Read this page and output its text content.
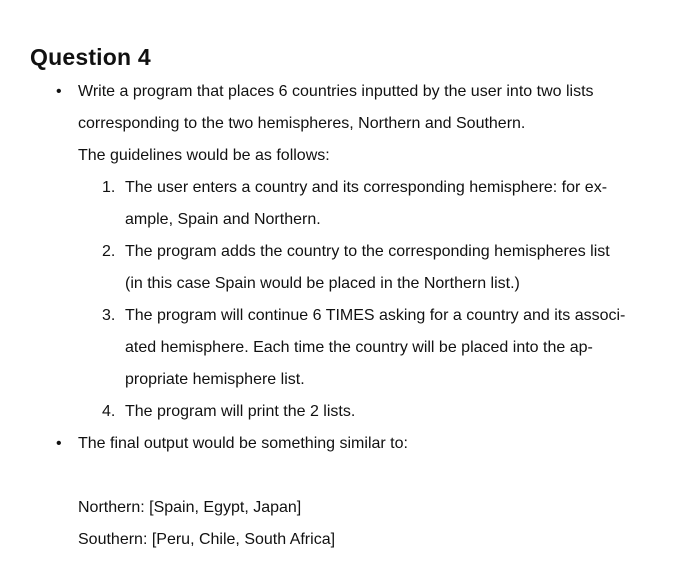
Question 4
• Write a program that places 6 countries inputted by the user into two lists
corresponding to the two hemispheres, Northern and Southern.
The guidelines would be as follows:
1. The user enters a country and its corresponding hemisphere: for ex-
ample, Spain and Northern.
2. The program adds the country to the corresponding hemispheres list
(in this case Spain would be placed in the Northern list.)
3. The program will continue 6 TIMES asking for a country and its associ-
ated hemisphere. Each time the country will be placed into the ap-
propriate hemisphere list.
4. The program will print the 2 lists.
• The final output would be something similar to:
Northern: [Spain, Egypt, Japan]
Southern: [Peru, Chile, South Africa]
